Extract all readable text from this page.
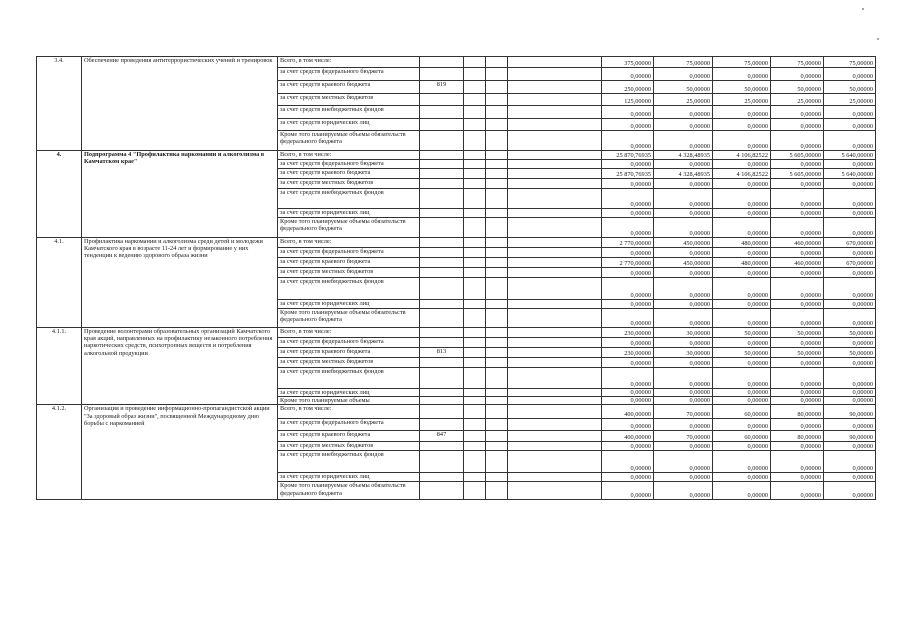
3.4.	Обеспечение проведения антитеррористических учений и тренировок	Всего, в том числе:					375,00000	75,00000	75,00000	75,00000	75,00000	
		за счет средств федерального бюджета					0,00000	0,00000	0,00000	0,00000	0,00000	
		за счет средств краевого бюджета	819				250,00000	50,00000	50,00000	50,00000	50,00000	
		за счет средств местных бюджетов					125,00000	25,00000	25,00000	25,00000	25,00000	
		за счет средств внебюджетных фондов					0,00000	0,00000	0,00000	0,00000	0,00000	
		за счет средств юридических лиц					0,00000	0,00000	0,00000	0,00000	0,00000	
		Кроме того планируемые объемы обязательств федерального бюджета					0,00000	0,00000	0,00000	0,00000	0,00000	
4.	Подпрограмма 4 "Профилактика наркомании и алкоголизма в Камчатском крае"	Всего, в том числе:					25 870,76935	4 328,48935	4 106,82522	5 605,00000	5 640,00000	
		за счет средств федерального бюджета					0,00000	0,00000	0,00000	0,00000	0,00000	
		за счет средств краевого бюджета					25 870,76935	4 328,48935	4 106,82522	5 605,00000	5 640,00000	
		за счет средств местных бюджетов					0,00000	0,00000	0,00000	0,00000	0,00000	
		за счет средств внебюджетных фондов					0,00000	0,00000	0,00000	0,00000	0,00000	
		за счет средств юридических лиц					0,00000	0,00000	0,00000	0,00000	0,00000	
		Кроме того планируемые объемы обязательств федерального бюджета					0,00000	0,00000	0,00000	0,00000	0,00000	
4.1.	Профилактика наркомании и алкоголизма среди детей и молодежи Камчатского края в возрасте 11-24 лет и формирование у них тенденции к ведению здорового образа жизни	Всего, в том числе:					2 770,00000	450,00000	480,00000	460,00000	670,00000	
		за счет средств федерального бюджета					0,00000	0,00000	0,00000	0,00000	0,00000	
		за счет средств краевого бюджета					2 770,00000	450,00000	480,00000	460,00000	670,00000	
		за счет средств местных бюджетов					0,00000	0,00000	0,00000	0,00000	0,00000	
		за счет средств внебюджетных фондов					0,00000	0,00000	0,00000	0,00000	0,00000	
		за счет средств юридических лиц					0,00000	0,00000	0,00000	0,00000	0,00000	
		Кроме того планируемые объемы обязательств федерального бюджета					0,00000	0,00000	0,00000	0,00000	0,00000	
4.1.1.	Проведение волонтерами образовательных организаций Камчатского края акций, направленных на профилактику незаконного потребления наркотических средств, психотропных веществ и потребления алкогольной продукции	Всего, в том числе:					230,00000	30,00000	50,00000	50,00000	50,00000	
		за счет средств федерального бюджета					0,00000	0,00000	0,00000	0,00000	0,00000	
		за счет средств краевого бюджета	813				230,00000	30,00000	50,00000	50,00000	50,00000	
		за счет средств местных бюджетов					0,00000	0,00000	0,00000	0,00000	0,00000	
		за счет средств внебюджетных фондов					0,00000	0,00000	0,00000	0,00000	0,00000	
		за счет средств юридических лиц					0,00000	0,00000	0,00000	0,00000	0,00000	
		Кроме того планируемые объемы					0,00000	0,00000	0,00000	0,00000	0,00000	
4.1.2.	Организация и проведение информационно-пропагандистской акции "За здоровый образ жизни", посвященной Международному дню борьбы с наркоманией	Всего, в том числе:					400,00000	70,00000	60,00000	80,00000	90,00000	
		за счет средств федерального бюджета					0,00000	0,00000	0,00000	0,00000	0,00000	
		за счет средств краевого бюджета	847				400,00000	70,00000	60,00000	80,00000	90,00000	
		за счет средств местных бюджетов					0,00000	0,00000	0,00000	0,00000	0,00000	
		за счет средств внебюджетных фондов					0,00000	0,00000	0,00000	0,00000	0,00000	
		за счет средств юридических лиц					0,00000	0,00000	0,00000	0,00000	0,00000	
		Кроме того планируемые объемы обязательств федерального бюджета					0,00000	0,00000	0,00000	0,00000	0,00000	
